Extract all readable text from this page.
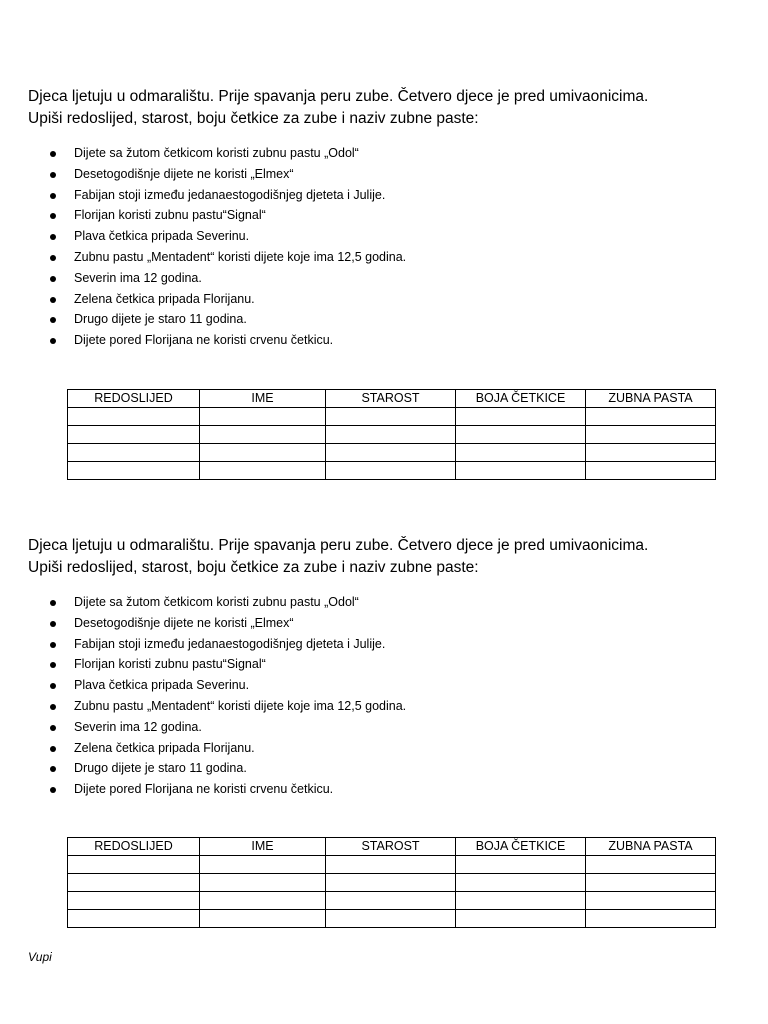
Djeca ljetuju u odmaralištu. Prije spavanja peru zube. Četvero djece je pred umivaonicima.

Upiši redoslijed, starost, boju četkice za zube i naziv zubne paste:

Dijete sa žutom četkicom koristi zubnu pastu „Odol“
Desetogodišnje dijete ne koristi „Elmex“
Fabijan stoji između jedanaestogodišnjeg djeteta i Julije.
Florijan koristi zubnu pastu“Signal“
Plava četkica pripada Severinu.
Zubnu pastu „Mentadent“ koristi dijete koje ima 12,5 godina.
Severin ima 12 godina.
Zelena četkica pripada Florijanu.
Drugo dijete je staro 11 godina.
Dijete pored Florijana ne koristi crvenu četkicu.
REDOSLIJED	IME	STAROST	BOJA ČETKICE	ZUBNA PASTA

Djeca ljetuju u odmaralištu. Prije spavanja peru zube. Četvero djece je pred umivaonicima.

Upiši redoslijed, starost, boju četkice za zube i naziv zubne paste:

Dijete sa žutom četkicom koristi zubnu pastu „Odol“
Desetogodišnje dijete ne koristi „Elmex“
Fabijan stoji između jedanaestogodišnjeg djeteta i Julije.
Florijan koristi zubnu pastu“Signal“
Plava četkica pripada Severinu.
Zubnu pastu „Mentadent“ koristi dijete koje ima 12,5 godina.
Severin ima 12 godina.
Zelena četkica pripada Florijanu.
Drugo dijete je staro 11 godina.
Dijete pored Florijana ne koristi crvenu četkicu.
REDOSLIJED	IME	STAROST	BOJA ČETKICE	ZUBNA PASTA

Vupi
